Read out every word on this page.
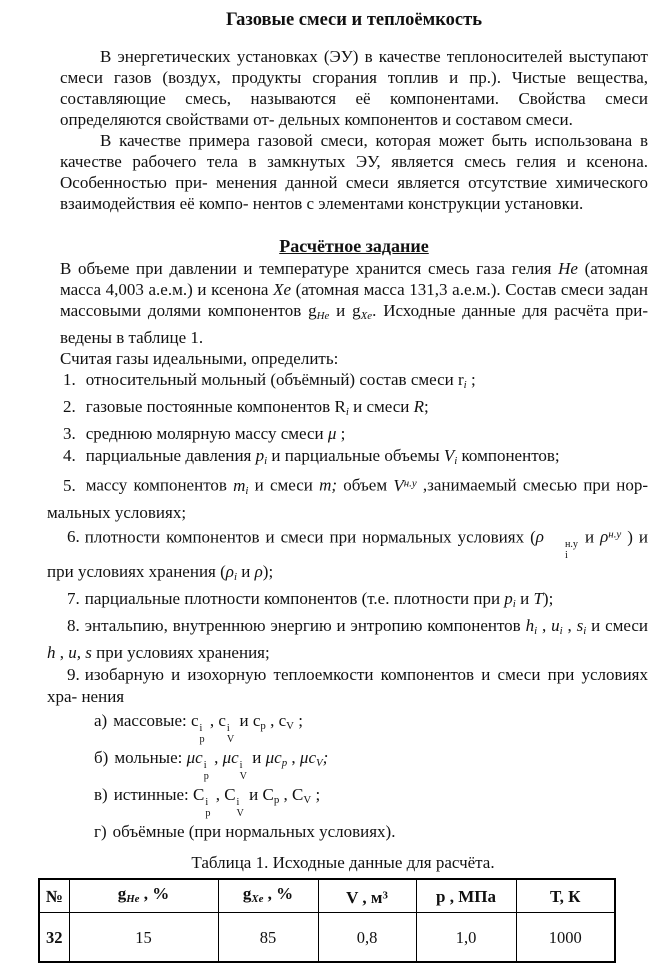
Газовые смеси и теплоёмкость

В энергетических установках (ЭУ) в качестве теплоносителей выступают смеси газов (воздух, продукты сгорания топлив и пр.). Чистые вещества, составляющие смесь, называются её компонентами. Свойства смеси определяются свойствами от- дельных компонентов и составом смеси.

В качестве примера газовой смеси, которая может быть использована в качестве рабочего тела в замкнутых ЭУ, является смесь гелия и ксенона. Особенностью при- менения данной смеси является отсутствие химического взаимодействия её компо- нентов с элементами конструкции установки.

Расчётное задание

В объеме при давлении и температуре хранится смесь газа гелия He (атомная масса 4,003 а.е.м.) и ксенона Xe (атомная масса 131,3 а.е.м.). Состав смеси задан массовыми долями компонентов $g_{He}$ и $g_{Xe}$. Исходные данные для расчёта при- ведены в таблице 1.

Считая газы идеальными, определить:

1. относительный мольный (объёмный) состав смеси $r_i$ ;
2. газовые постоянные компонентов $R_i$ и смеси R;
3. среднюю молярную массу смеси μ ;
4. парциальные давления $p_i$ и парциальные объемы $V_i$ компонентов;
5. массу компонентов $m_i$ и смеси m; объем $V^{н.у}$ ,занимаемый смесью при нор- мальных условиях;
6. плотности компонентов и смеси при нормальных условиях (ρ	н.у
i
и $\rho^{н.у}$ ) и при условиях хранения ($\rho_i$ и ρ);
7. парциальные плотности компонентов (т.е. плотности при $p_i$ и T);
8. энтальпию, внутреннюю энергию и энтропию компонентов $h_i$ , $u_i$ , $s_i$ и смеси h , u, s при условиях хранения;
9. изобарную и изохорную теплоемкости компонентов и смеси при условиях хра- нения
а) массовые: c i
p
, c i
V
и $c_p$ , $c_V$ ;
б) мольные: μc i
p
, μc i
V
и $\mu c_p$ , $\mu c_V$;
в) истинные: C i
p
, C i
V
и $C_p$ , $C_V$ ;
г) объёмные (при нормальных условиях).
Таблица 1. Исходные данные для расчёта.
№	$g_{He}$ , %	$g_{Xe}$ , %	V , $м^3$	p , МПа	Т, К
32	15	85	0,8	1,0	1000
